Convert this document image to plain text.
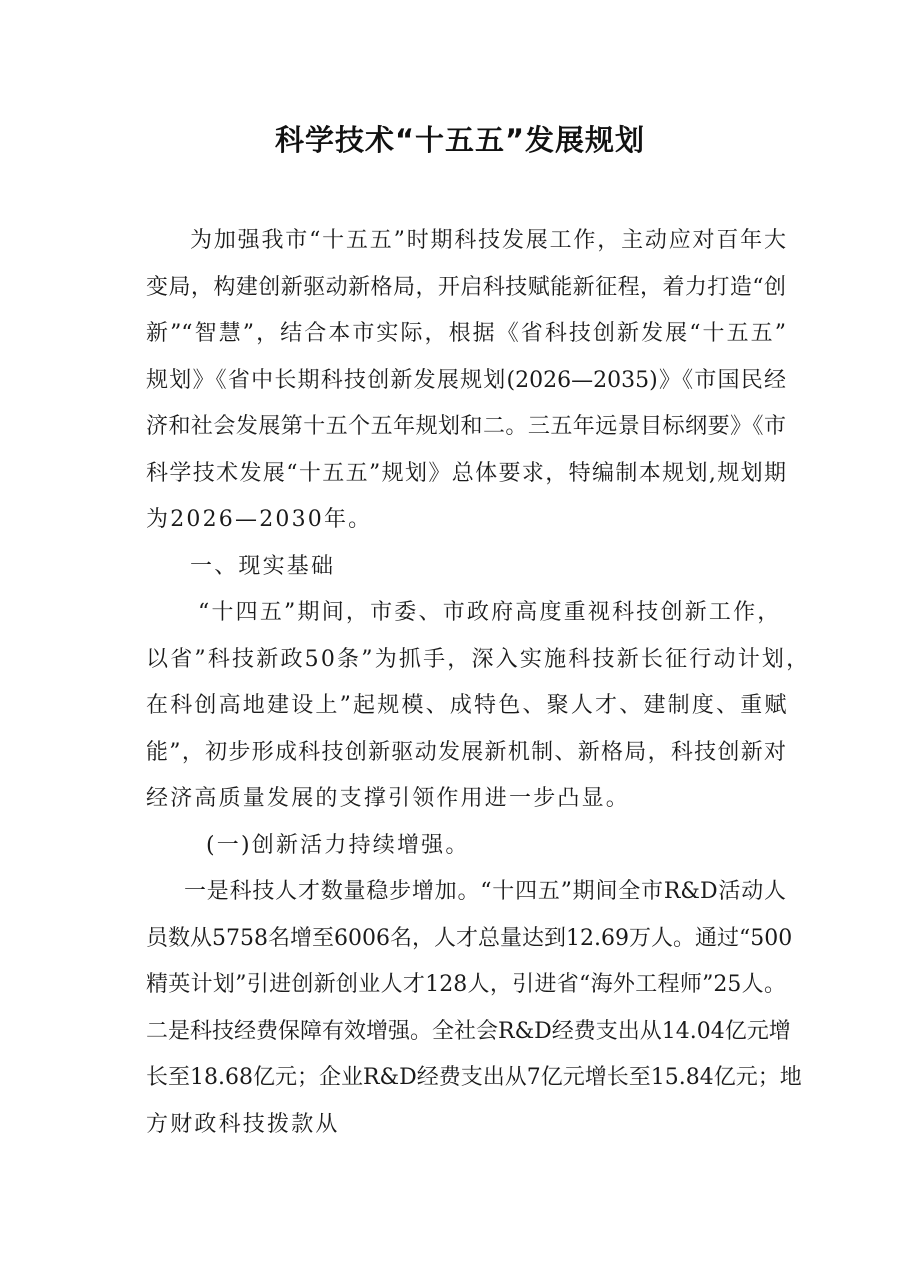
科学技术“十五五”发展规划
为加强我市“十五五”时期科技发展工作，主动应对百年大
变局，构建创新驱动新格局，开启科技赋能新征程，着力打造“创
新”“智慧”，结合本市实际，根据《省科技创新发展“十五五”
规划》《省中长期科技创新发展规划(2026—2035)》《市国民经
济和社会发展第十五个五年规划和二。三五年远景目标纲要》《市
科学技术发展“十五五”规划》总体要求，特编制本规划,规划期
为2026—2030年。
一、现实基础
“十四五”期间，市委、市政府高度重视科技创新工作，
以省”科技新政50条”为抓手，深入实施科技新长征行动计划，
在科创高地建设上”起规模、成特色、聚人才、建制度、重赋
能”，初步形成科技创新驱动发展新机制、新格局，科技创新对
经济高质量发展的支撑引领作用进一步凸显。
(一)创新活力持续增强。
一是科技人才数量稳步增加。“十四五”期间全市R&D活动人
员数从5758名增至6006名，人才总量达到12.69万人。通过“500
精英计划”引进创新创业人才128人，引进省“海外工程师”25人。
二是科技经费保障有效增强。全社会R&D经费支出从14.04亿元增
长至18.68亿元；企业R&D经费支出从7亿元增长至15.84亿元；地
方财政科技拨款从
